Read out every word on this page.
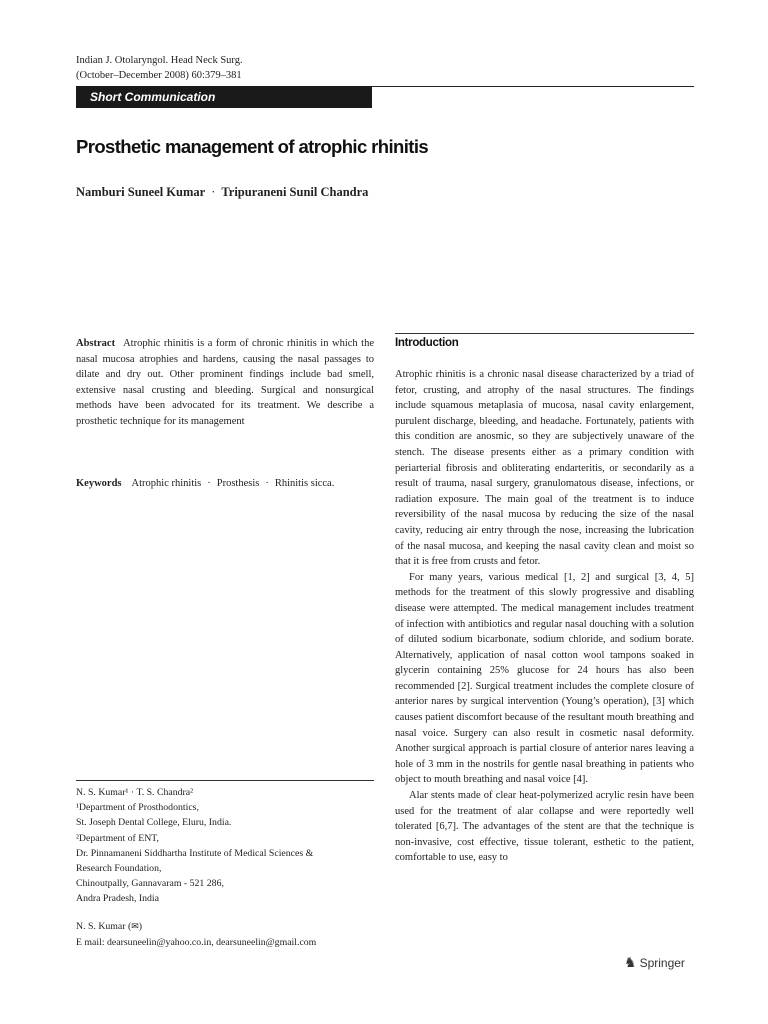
Indian J. Otolaryngol. Head Neck Surg.
(October–December 2008) 60:379–381
Short Communication
Prosthetic management of atrophic rhinitis
Namburi Suneel Kumar · Tripuraneni Sunil Chandra

Abstract Atrophic rhinitis is a form of chronic rhinitis in which the nasal mucosa atrophies and hardens, causing the nasal passages to dilate and dry out. Other prominent findings include bad smell, extensive nasal crusting and bleeding. Surgical and nonsurgical methods have been advocated for its treatment. We describe a prosthetic technique for its management

Keywords Atrophic rhinitis · Prosthesis · Rhinitis sicca.

N. S. Kumar¹ · T. S. Chandra²
¹Department of Prosthodontics,
St. Joseph Dental College, Eluru, India.
²Department of ENT,
Dr. Pinnamaneni Siddhartha Institute of Medical Sciences &
Research Foundation,
Chinoutpally, Gannavaram - 521 286,
Andra Pradesh, India
N. S. Kumar (✉)
E mail: dearsuneelin@yahoo.co.in, dearsuneelin@gmail.com
Introduction

Atrophic rhinitis is a chronic nasal disease characterized by a triad of fetor, crusting, and atrophy of the nasal structures. The findings include squamous metaplasia of mucosa, nasal cavity enlargement, purulent discharge, bleeding, and headache. Fortunately, patients with this condition are anosmic, so they are subjectively unaware of the stench. The disease presents either as a primary condition with periarterial fibrosis and obliterating endarteritis, or secondarily as a result of trauma, nasal surgery, granulomatous disease, infections, or radiation exposure. The main goal of the treatment is to induce reversibility of the nasal mucosa by reducing the size of the nasal cavity, reducing air entry through the nose, increasing the lubrication of the nasal mucosa, and keeping the nasal cavity clean and moist so that it is free from crusts and fetor.

For many years, various medical [1, 2] and surgical [3, 4, 5] methods for the treatment of this slowly progressive and disabling disease were attempted. The medical management includes treatment of infection with antibiotics and regular nasal douching with a solution of diluted sodium bicarbonate, sodium chloride, and sodium borate. Alternatively, application of nasal cotton wool tampons soaked in glycerin containing 25% glucose for 24 hours has also been recommended [2]. Surgical treatment includes the complete closure of anterior nares by surgical intervention (Young’s operation), [3] which causes patient discomfort because of the resultant mouth breathing and nasal voice. Surgery can also result in cosmetic nasal deformity. Another surgical approach is partial closure of anterior nares leaving a hole of 3 mm in the nostrils for gentle nasal breathing in patients who object to mouth breathing and nasal voice [4].

Alar stents made of clear heat-polymerized acrylic resin have been used for the treatment of alar collapse and were reportedly well tolerated [6,7]. The advantages of the stent are that the technique is non-invasive, cost effective, tissue tolerant, esthetic to the patient, comfortable to use, easy to

♞ Springer
